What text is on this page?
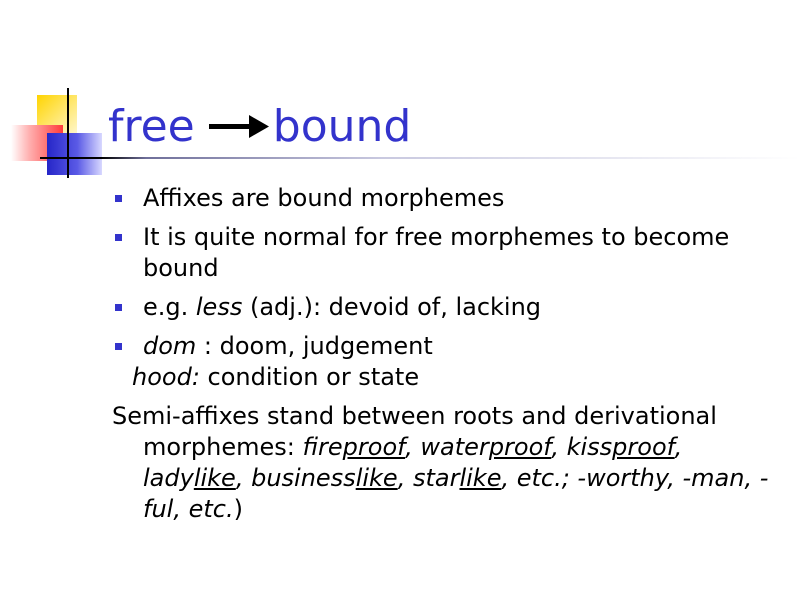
free bound

Affixes are bound morphemes

It is quite normal for free morphemes to become bound

e.g. less (adj.): devoid of, lacking

dom : doom, judgement

hood: condition or state

Semi-affixes stand between roots and derivational morphemes: fireproof, waterproof, kissproof, ladylike, businesslike, starlike, etc.; -worthy, -man, -ful, etc.)
